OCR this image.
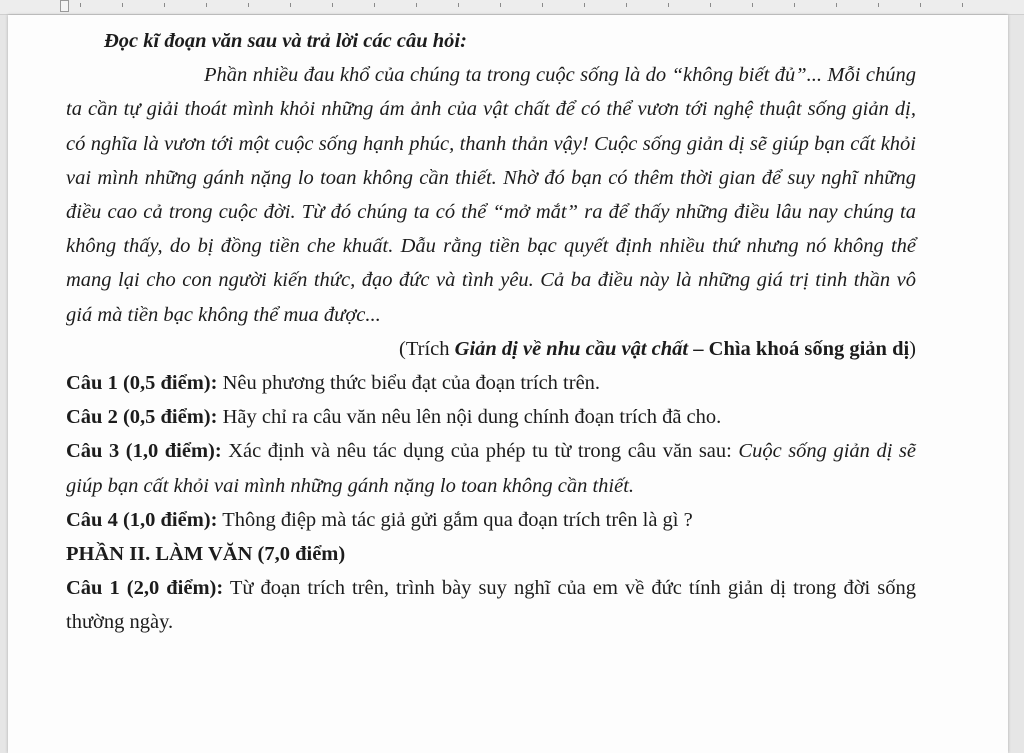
Đọc kĩ đoạn văn sau và trả lời các câu hỏi:

Phần nhiều đau khổ của chúng ta trong cuộc sống là do “không biết đủ”... Mỗi chúng ta cần tự giải thoát mình khỏi những ám ảnh của vật chất để có thể vươn tới nghệ thuật sống giản dị, có nghĩa là vươn tới một cuộc sống hạnh phúc, thanh thản vậy! Cuộc sống giản dị sẽ giúp bạn cất khỏi vai mình những gánh nặng lo toan không cần thiết. Nhờ đó bạn có thêm thời gian để suy nghĩ những điều cao cả trong cuộc đời. Từ đó chúng ta có thể “mở mắt” ra để thấy những điều lâu nay chúng ta không thấy, do bị đồng tiền che khuất. Dẫu rằng tiền bạc quyết định nhiều thứ nhưng nó không thể mang lại cho con người kiến thức, đạo đức và tình yêu. Cả ba điều này là những giá trị tinh thần vô giá mà tiền bạc không thể mua được...

(Trích Giản dị về nhu cầu vật chất – Chìa khoá sống giản dị)

Câu 1 (0,5 điểm): Nêu phương thức biểu đạt của đoạn trích trên.

Câu 2 (0,5 điểm): Hãy chỉ ra câu văn nêu lên nội dung chính đoạn trích đã cho.

Câu 3 (1,0 điểm): Xác định và nêu tác dụng của phép tu từ trong câu văn sau: Cuộc sống giản dị sẽ giúp bạn cất khỏi vai mình những gánh nặng lo toan không cần thiết.

Câu 4 (1,0 điểm): Thông điệp mà tác giả gửi gắm qua đoạn trích trên là gì ?

PHẦN II. LÀM VĂN (7,0 điểm)

Câu 1 (2,0 điểm): Từ đoạn trích trên, trình bày suy nghĩ của em về đức tính giản dị trong đời sống thường ngày.
